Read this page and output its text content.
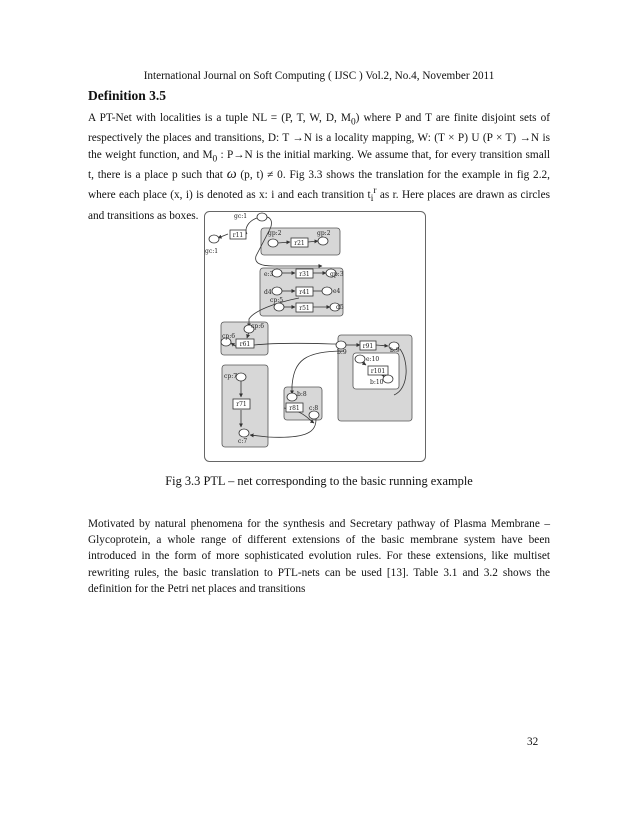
International Journal on Soft Computing ( IJSC ) Vol.2, No.4, November 2011
Definition 3.5

A PT-Net with localities is a tuple NL = (P, T, W, D, $M_0$) where P and T are finite disjoint sets of respectively the places and transitions, D: T →N is a locality mapping, W: (T × P) U (P × T) →N is the weight function, and $M_0$ : P→N is the initial marking. We assume that, for every transition small t, there is a place p such that ω (p, t) ≠ 0. Fig 3.3 shows the translation for the example in fig 2.2, where each place (x, i) is denoted as x: i and each transition $t_i^r$ as r. Here places are drawn as circles and transitions as boxes.	gc:1
gc:1
gp:2	gp:2
e:3	gp:3
d4	e4
cp:5
d5
cp:6
cp:6
b:9	b:9
e:10
b:10
cp:7
b:8
c:8
c:7
r11
r21
r31
r41
r51
r61	r91
r101
r71
r81
Fig 3.3 PTL – net corresponding to the basic running example

Motivated by natural phenomena for the synthesis and Secretary pathway of Plasma Membrane – Glycoprotein, a whole range of different extensions of the basic membrane system have been introduced in the form of more sophisticated evolution rules. For these extensions, like multiset rewriting rules, the basic translation to PTL-nets can be used [13]. Table 3.1 and 3.2 shows the definition for the Petri net places and transitions

32
